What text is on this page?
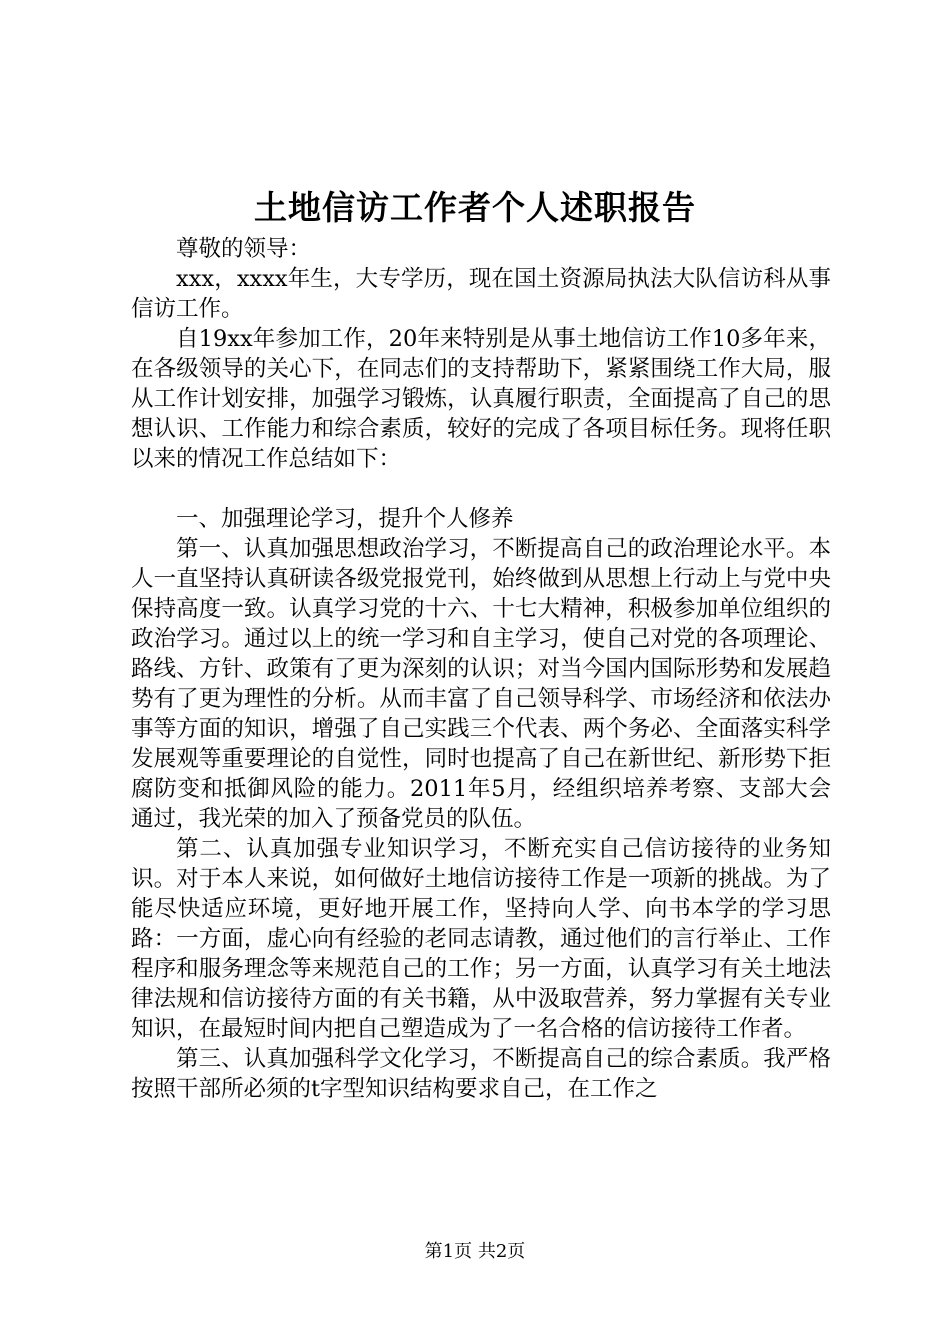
土地信访工作者个人述职报告

尊敬的领导：

xxx，xxxx年生，大专学历，现在国土资源局执法大队信访科从事信访工作。

自19xx年参加工作，20年来特别是从事土地信访工作10多年来，在各级领导的关心下，在同志们的支持帮助下，紧紧围绕工作大局，服从工作计划安排，加强学习锻炼，认真履行职责，全面提高了自己的思想认识、工作能力和综合素质，较好的完成了各项目标任务。现将任职以来的情况工作总结如下：

一、加强理论学习，提升个人修养

第一、认真加强思想政治学习，不断提高自己的政治理论水平。本人一直坚持认真研读各级党报党刊，始终做到从思想上行动上与党中央保持高度一致。认真学习党的十六、十七大精神，积极参加单位组织的政治学习。通过以上的统一学习和自主学习，使自己对党的各项理论、路线、方针、政策有了更为深刻的认识；对当今国内国际形势和发展趋势有了更为理性的分析。从而丰富了自己领导科学、市场经济和依法办事等方面的知识，增强了自己实践三个代表、两个务必、全面落实科学发展观等重要理论的自觉性，同时也提高了自己在新世纪、新形势下拒腐防变和抵御风险的能力。2011年5月，经组织培养考察、支部大会通过，我光荣的加入了预备党员的队伍。

第二、认真加强专业知识学习，不断充实自己信访接待的业务知识。对于本人来说，如何做好土地信访接待工作是一项新的挑战。为了能尽快适应环境，更好地开展工作，坚持向人学、向书本学的学习思路：一方面，虚心向有经验的老同志请教，通过他们的言行举止、工作程序和服务理念等来规范自己的工作；另一方面，认真学习有关土地法律法规和信访接待方面的有关书籍，从中汲取营养，努力掌握有关专业知识，在最短时间内把自己塑造成为了一名合格的信访接待工作者。

第三、认真加强科学文化学习，不断提高自己的综合素质。我严格按照干部所必须的t字型知识结构要求自己，在工作之

第1页 共2页
